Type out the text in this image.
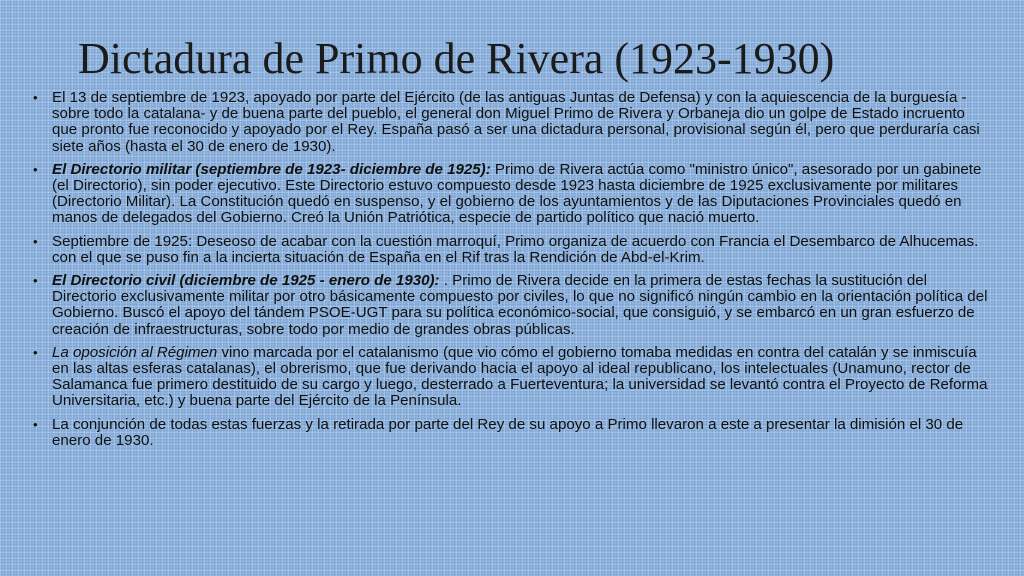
Dictadura de Primo de Rivera (1923-1930)
• El 13 de septiembre de 1923, apoyado por parte del Ejército (de las antiguas Juntas de Defensa) y con la aquiescencia de la burguesía -sobre todo la catalana- y de buena parte del pueblo, el general don Miguel Primo de Rivera y Orbaneja dio un golpe de Estado incruento que pronto fue reconocido y apoyado por el Rey. España pasó a ser una dictadura personal, provisional según él, pero que perduraría casi siete años (hasta el 30 de enero de 1930).
• El Directorio militar (septiembre de 1923- diciembre de 1925): Primo de Rivera actúa como "ministro único", asesorado por un gabinete (el Directorio), sin poder ejecutivo. Este Directorio estuvo compuesto desde 1923 hasta diciembre de 1925 exclusivamente por militares (Directorio Militar). La Constitución quedó en suspenso, y el gobierno de los ayuntamientos y de las Diputaciones Provinciales quedó en manos de delegados del Gobierno. Creó la Unión Patriótica, especie de partido político que nació muerto.
• Septiembre de 1925: Deseoso de acabar con la cuestión marroquí, Primo organiza de acuerdo con Francia el Desembarco de Alhucemas. con el que se puso fin a la incierta situación de España en el Rif tras la Rendición de Abd-el-Krim.
• El Directorio civil (diciembre de 1925 - enero de 1930): . Primo de Rivera decide en la primera de estas fechas la sustitución del Directorio exclusivamente militar por otro básicamente compuesto por civiles, lo que no significó ningún cambio en la orientación política del Gobierno. Buscó el apoyo del tándem PSOE-UGT para su política económico-social, que consiguió, y se embarcó en un gran esfuerzo de creación de infraestructuras, sobre todo por medio de grandes obras públicas.
• La oposición al Régimen vino marcada por el catalanismo (que vio cómo el gobierno tomaba medidas en contra del catalán y se inmiscuía en las altas esferas catalanas), el obrerismo, que fue derivando hacia el apoyo al ideal republicano, los intelectuales (Unamuno, rector de Salamanca fue primero destituido de su cargo y luego, desterrado a Fuerteventura; la universidad se levantó contra el Proyecto de Reforma Universitaria, etc.) y buena parte del Ejército de la Península.
• La conjunción de todas estas fuerzas y la retirada por parte del Rey de su apoyo a Primo llevaron a este a presentar la dimisión el 30 de enero de 1930.
